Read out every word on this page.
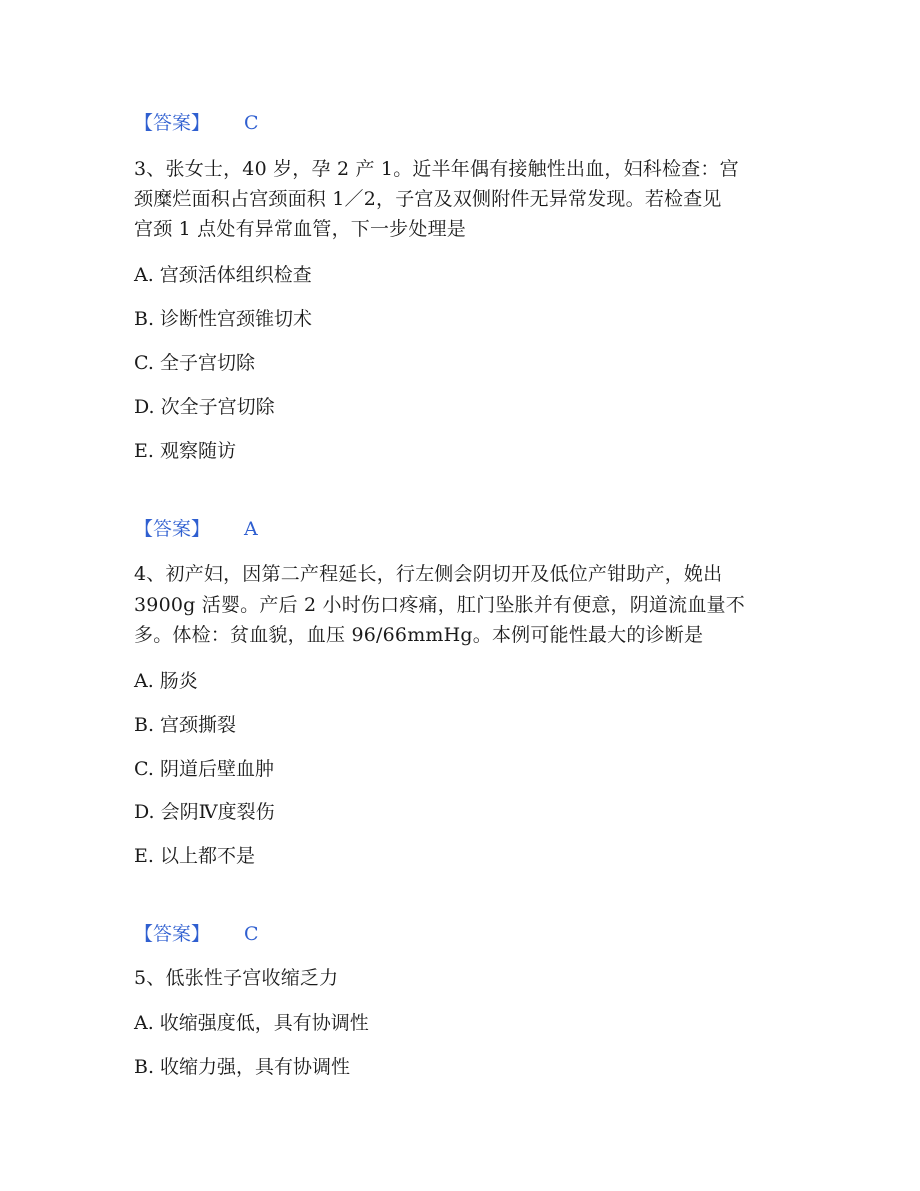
【答案】 C
3、张女士，40 岁，孕 2 产 1。近半年偶有接触性出血，妇科检查：宫
颈糜烂面积占宫颈面积 1／2，子宫及双侧附件无异常发现。若检查见
宫颈 1 点处有异常血管，下一步处理是
A. 宫颈活体组织检查
B. 诊断性宫颈锥切术
C. 全子宫切除
D. 次全子宫切除
E. 观察随访
【答案】 A
4、初产妇，因第二产程延长，行左侧会阴切开及低位产钳助产，娩出
3900g 活婴。产后 2 小时伤口疼痛，肛门坠胀并有便意，阴道流血量不
多。体检：贫血貌，血压 96/66mmHg。本例可能性最大的诊断是
A. 肠炎
B. 宫颈撕裂
C. 阴道后壁血肿
D. 会阴Ⅳ度裂伤
E. 以上都不是
【答案】 C
5、低张性子宫收缩乏力
A. 收缩强度低，具有协调性
B. 收缩力强，具有协调性
